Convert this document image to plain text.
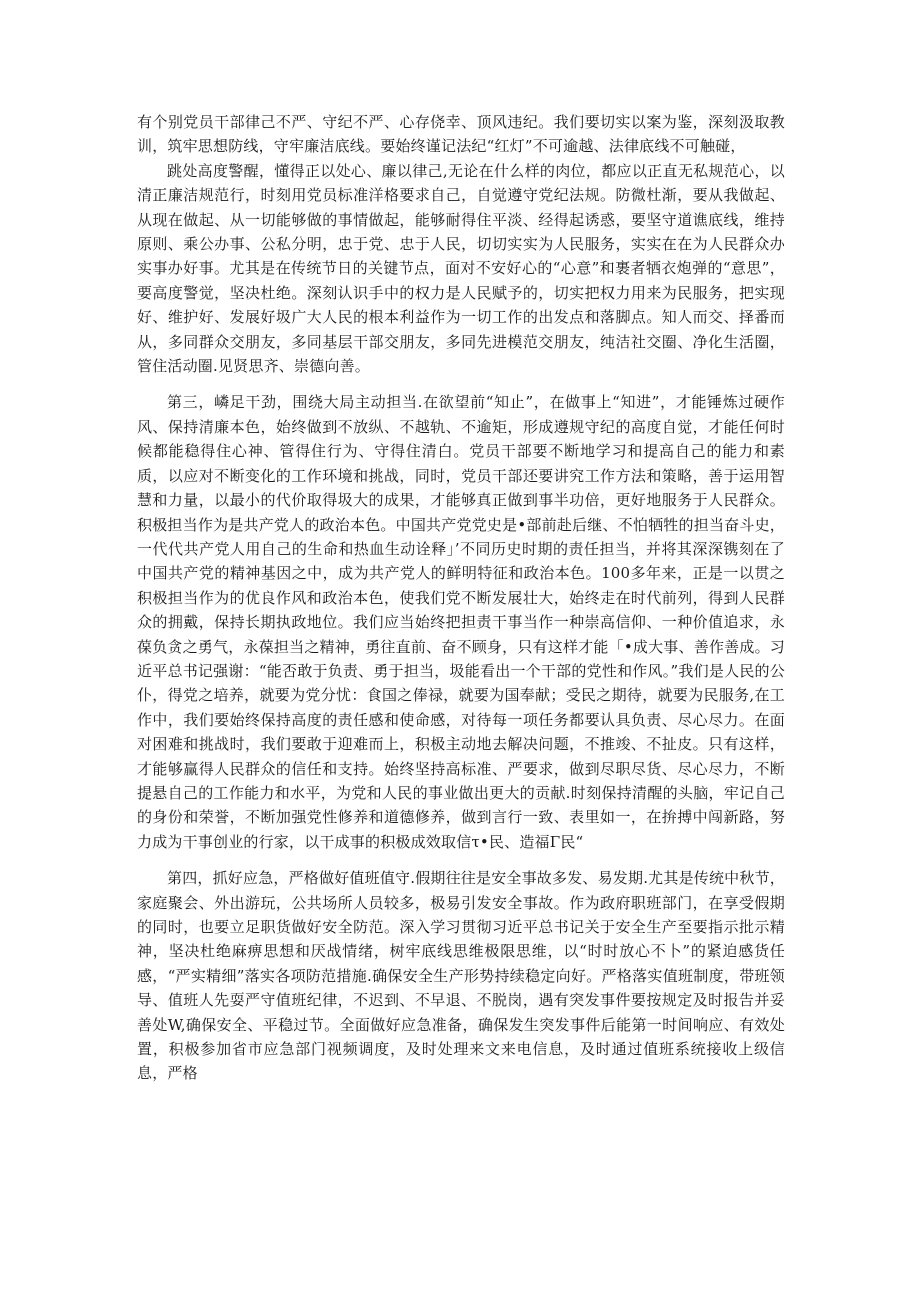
有个别党员干部律己不严、守纪不严、心存侥幸、顶风违纪。我们要切实以案为鉴，深刻汲取教训，筑牢思想防线，守牢廉洁底线。要始终谨记法纪“红灯”不可逾越、法律底线不可触碰，

跳处高度警醒，懂得正以处心、廉以律己,无论在什么样的肉位，都应以正直无私规范心，以清正廉洁规范行，时刻用党员标准洋格要求自己，自觉遵守党纪法规。防微杜渐，要从我做起、从现在做起、从一切能够做的事情做起，能够耐得住平淡、经得起诱惑，要坚守道谯底线，维持原则、乘公办事、公私分明，忠于党、忠于人民，切切实实为人民服务，实实在在为人民群众办实事办好事。尤其是在传统节日的关键节点，面对不安好心的“心意”和裹者牺衣炮弹的“意思”，要高度警觉，坚决杜绝。深刻认识手中的权力是人民赋予的，切实把权力用来为民服务，把实现好、维护好、发展好圾广大人民的根本利益作为一切工作的出发点和落脚点。知人而交、择番而从，多同群众交朋友，多同基层干部交朋友，多同先进模范交朋友，纯洁社交圈、净化生活圈，管住活动圈.见贤思齐、崇德向善。

第三，嶙足干劲，围绕大局主动担当.在欲望前“知止”，在做事上“知进”，才能锤炼过硬作风、保持清廉本色，始终做到不放纵、不越轨、不逾矩，形成遵规守纪的高度自觉，才能任何时候都能稳得住心神、管得住行为、守得住清白。党员干部要不断地学习和提高自己的能力和素质，以应对不断变化的工作环境和挑战，同时，党员干部还要讲究工作方法和策略，善于运用智慧和力量，以最小的代价取得圾大的成果，才能够真正做到事半功倍，更好地服务于人民群众。积极担当作为是共产党人的政治本色。中国共产党党史是•部前赴后继、不怕牺牲的担当奋斗史，一代代共产党人用自己的生命和热血生动诠释」’不同历史时期的责任担当，并将其深深镌刻在了中国共产党的精神基因之中，成为共产党人的鲜明特征和政治本色。100多年来，正是一以贯之积极担当作为的优良作风和政治本色，使我们党不断发展壮大，始终走在时代前列，得到人民群众的拥戴，保持长期执政地位。我们应当始终把担责干事当作一种崇高信仰、一种价值追求，永葆负贪之勇气，永葆担当之精神，勇往直前、奋不顾身，只有这样才能「•成大事、善作善成。习近平总书记强谢：“能否敢于负责、勇于担当，圾能看出一个干部的党性和作风。”我们是人民的公仆，得党之培养，就要为党分忧：食国之俸禄，就要为国奉献；受民之期待，就要为民服务,在工作中，我们要始终保持高度的责任感和使命感，对待每一项任务都要认具负责、尽心尽力。在面对困难和挑战时，我们要敢于迎难而上，积极主动地去解决问题，不推竣、不扯皮。只有这样，才能够赢得人民群众的信任和支持。始终坚持高标准、严要求，做到尽职尽货、尽心尽力，不断提悬自己的工作能力和水平，为党和人民的事业做出更大的贡献.时刻保持清醒的头脑，牢记自己的身份和荣誉，不断加强党性修养和道德修养，做到言行一致、表里如一，在拚搏中闯新路，努力成为干事创业的行家，以干成事的积极成效取信τ•民、造福Γ民“

第四，抓好应急，严格做好值班值守.假期往往是安全事故多发、易发期.尤其是传统中秋节，家庭聚会、外出游玩，公共场所人员较多，极易引发安全事故。作为政府职班部门，在享受假期的同时，也要立足职货做好安全防范。深入学习贯彻习近平总书记关于安全生产至要指示批示精神，坚决杜绝麻痹思想和厌战情绪，树牢底线思维极限思维，以“时时放心不卜”的紧迫感货任感，“严实精细”落实各项防范措施.确保安全生产形势持续稳定向好。严格落实值班制度，带班领导、值班人先耍严守值班纪律，不迟到、不早退、不脱岗，遇有突发事件要按规定及时报告并妥善处W,确保安全、平稳过节。全面做好应急准备，确保发生突发事件后能第一时间响应、有效处置，积极参加省市应急部门视频调度，及时处理来文来电信息，及时通过值班系统接收上级信息，严格
